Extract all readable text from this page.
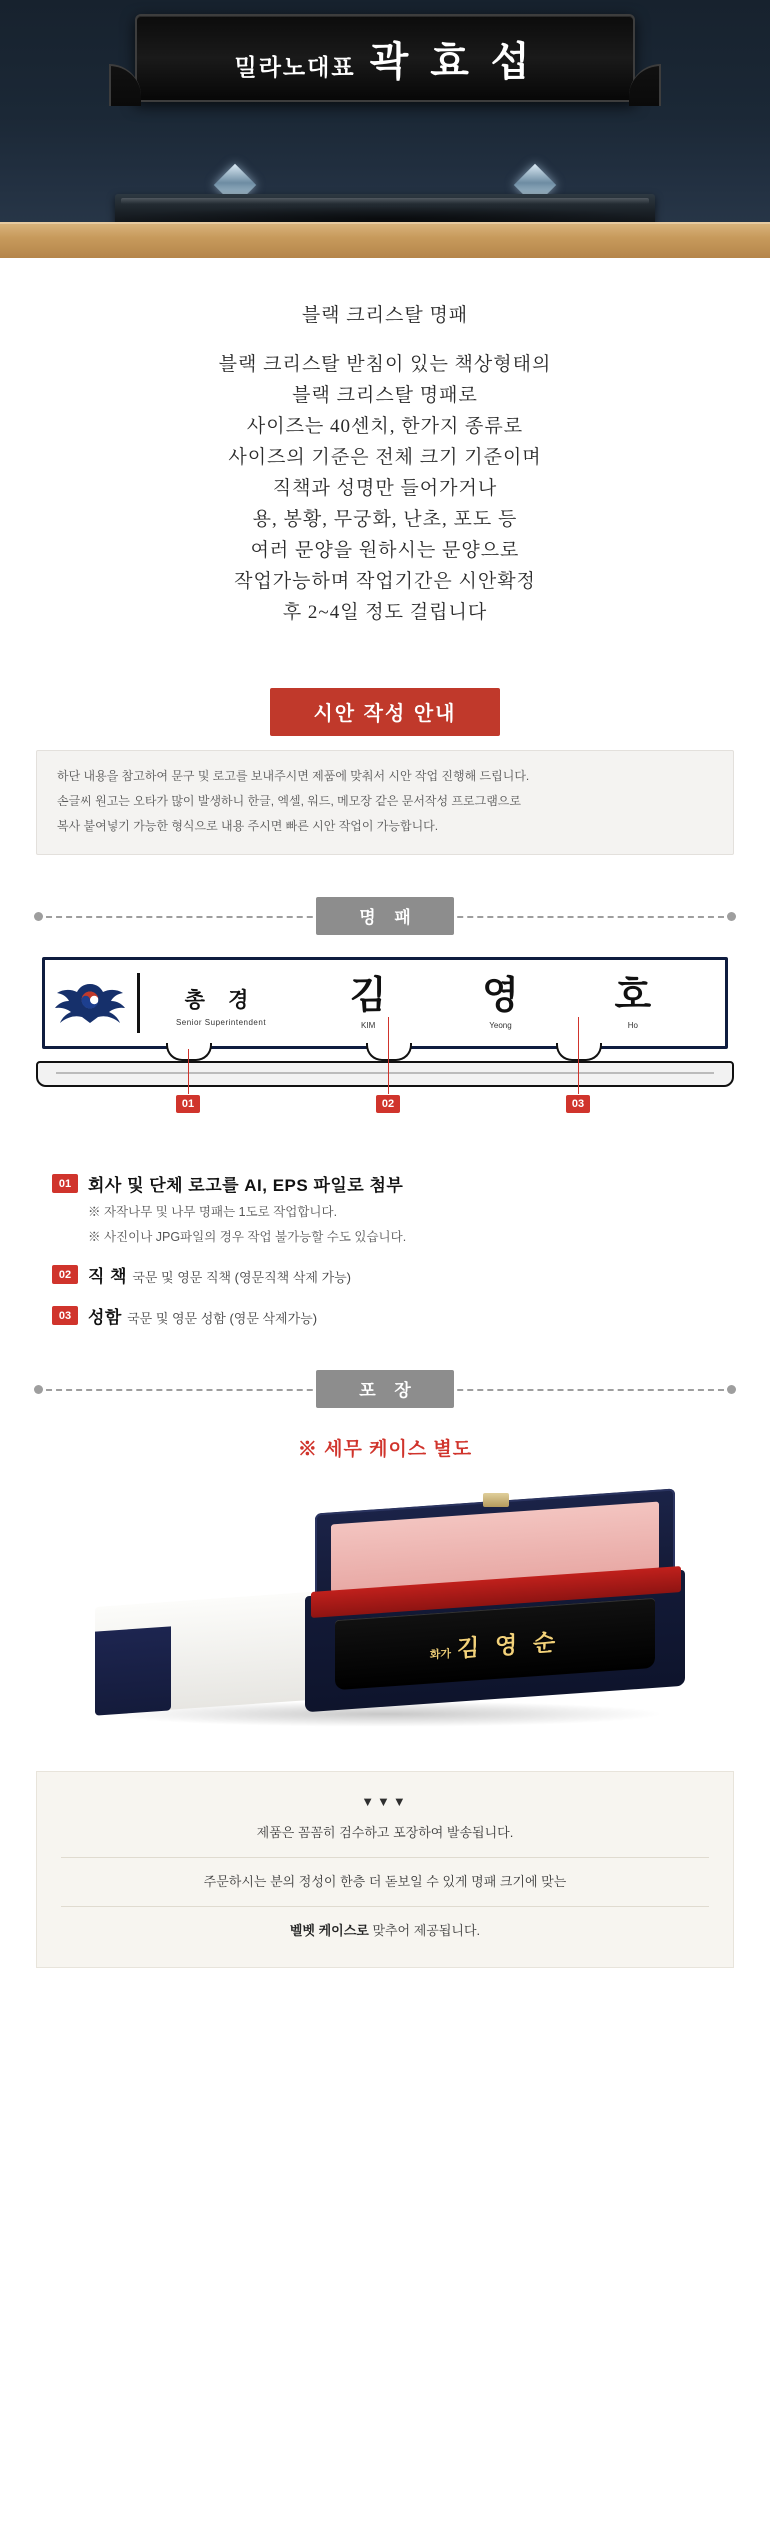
밀라노대표 곽 효 섭
블랙 크리스탈 명패
블랙 크리스탈 받침이 있는 책상형태의
블랙 크리스탈 명패로
사이즈는 40센치, 한가지 종류로
사이즈의 기준은 전체 크기 기준이며
직책과 성명만 들어가거나
용, 봉황, 무궁화, 난초, 포도 등
여러 문양을 원하시는 문양으로
작업가능하며 작업기간은 시안확정
후 2~4일 정도 걸립니다
시안 작성 안내

하단 내용을 참고하여 문구 및 로고를 보내주시면 제품에 맞춰서 시안 작업 진행해 드립니다.

손글씨 원고는 오타가 많이 발생하니 한글, 엑셀, 워드, 메모장 같은 문서작성 프로그램으로

복사 붙여넣기 가능한 형식으로 내용 주시면 빠른 시안 작업이 가능합니다.

명 패
총 경
Senior Superintendent
김
KIM
영
Yeong
호
Ho
01	02	03
01 회사 및 단체 로고를 AI, EPS 파일로 첨부
※ 자작나무 및 나무 명패는 1도로 작업합니다.
※ 사진이나 JPG파일의 경우 작업 불가능할 수도 있습니다.
02 직 책 국문 및 영문 직책 (영문직책 삭제 가능)
03 성함 국문 및 영문 성함 (영문 삭제가능)
포 장
※ 세무 케이스 별도
화가 김 영 순
▼▼▼

제품은 꼼꼼히 검수하고 포장하여 발송됩니다.

주문하시는 분의 정성이 한층 더 돋보일 수 있게 명패 크기에 맞는

벨벳 케이스로 맞추어 제공됩니다.
